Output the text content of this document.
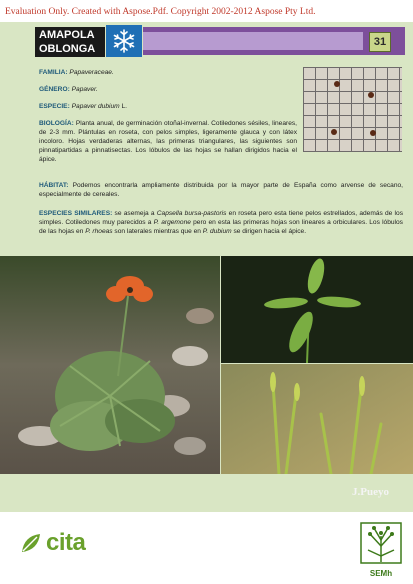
Evaluation Only. Created with Aspose.Pdf. Copyright 2002-2012 Aspose Pty Ltd.
AMAPOLA
OBLONGA
31

FAMILIA: Papaveraceae.

GÉNERO: Papaver.

ESPECIE: Papaver dubium L.

BIOLOGÍA: Planta anual, de germinación otoñal-invernal. Cotiledones sésiles, lineares, de 2-3 mm. Plántulas en roseta, con pelos simples, ligeramente glauca y con látex incoloro. Hojas verdaderas alternas, las primeras triangulares, las siguientes son pinnatipartidas a pinnatisectas. Los lóbulos de las hojas se hallan dirigidos hacia el ápice.

HÁBITAT: Podemos encontrarla ampliamente distribuida por la mayor parte de España como arvense de secano, especialmente de cereales.
ESPECIES SIMILARES: se asemeja a Capsella bursa-pastoris en roseta pero esta tiene pelos estrellados, además de los simples. Cotiledones muy parecidos a P. argemone pero en esta las primeras hojas son lineares a orbiculares. Los lóbulos de las hojas en P. rhoeas son laterales mientras que en P. dubium se dirigen hacia el ápice.
J.Pueyo
cita
SEMh
